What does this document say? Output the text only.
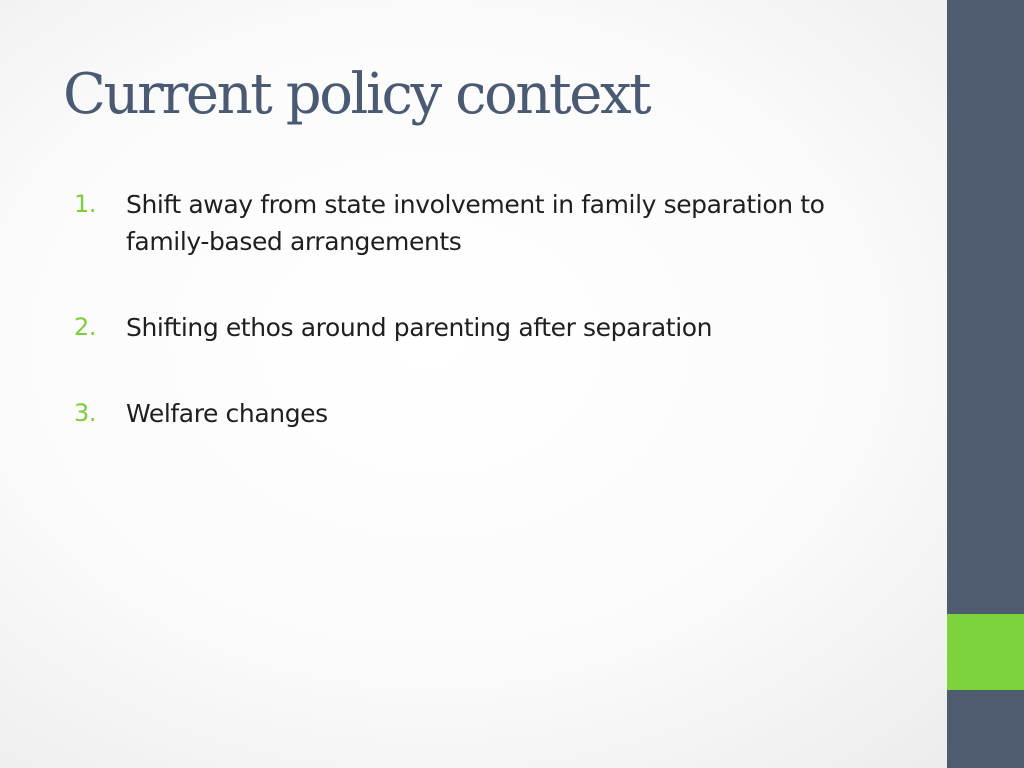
Current policy context
1.	Shift away from state involvement in family separation to family-based arrangements
2.	Shifting ethos around parenting after separation
3.	Welfare changes
